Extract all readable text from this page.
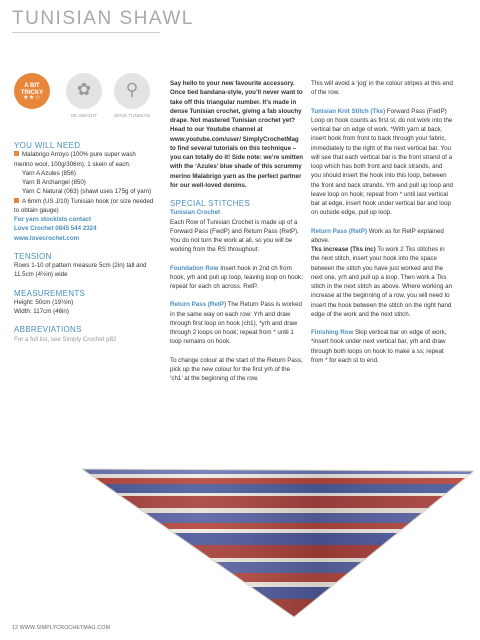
TUNISIAN SHAWL
A BIT
TRICKY
★★☆	✿
DK WEIGHT
⚲
WAVE TUNISIAN

YOU WILL NEED

Malabrigo Arroyo (100% pure super wash merino wool, 100g/306m), 1 skein of each:

Yarn A Azules (856)

Yarn B Archangel (850)

Yarn C Natural (063) (shawl uses 175g of yarn)

A 6mm (US J/10) Tunisian hook (or size needed to obtain gauge)

For yarn stockists contact

Love Crochet 0845 544 2324

www.lovecrochet.com

TENSION

Rows 1-10 of pattern measure 5cm (2in) tall and 11.5cm (4½in) wide

MEASUREMENTS

Height: 50cm (19½in)

Width: 117cm (46in)

ABBREVIATIONS

For a full list, see Simply Crochet p82

Say hello to your new favourite accessory. Once tied bandana-style, you’ll never want to take off this triangular number. It’s made in dense Tunisian crochet, giving a fab slouchy drape. Not mastered Tunisian crochet yet? Head to our Youtube channel at www.youtube.com/user/ SimplyCrochetMag to find several tutorials on this technique – you can totally do it! Side note: we’re smitten with the ‘Azules’ blue shade of this scrummy merino Malabrigo yarn as the perfect partner for our well-loved denims.

SPECIAL STITCHES

Tunisian Crochet

Each Row of Tunisian Crochet is made up of a Forward Pass (FwdP) and Return Pass (RetP). You do not turn the work at all, so you will be working from the RS throughout:

Foundation Row Insert hook in 2nd ch from hook, yrh and pull up loop, leaving loop on hook; repeat for each ch across. RetP.

Return Pass (RetP) The Return Pass is worked in the same way on each row: Yrh and draw through first loop on hook (ch1), *yrh and draw through 2 loops on hook; repeat from * until 1 loop remains on hook.

To change colour at the start of the Return Pass, pick up the new colour for the first yrh of the ‘ch1’ at the beginning of the row.

This will avoid a ‘jog’ in the colour stripes at this end of the row.

Tunisian Knit Stitch (Tks) Forward Pass (FwdP) Loop on hook counts as first st, do not work into the vertical bar on edge of work. *With yarn at back, insert hook from front to back through your fabric, immediately to the right of the next vertical bar. You will see that each vertical bar is the front strand of a loop which has both front and back strands, and you should insert the hook into this loop, between the front and back strands. Yrh and pull up loop and leave loop on hook; repeat from * until last vertical bar at edge, insert hook under vertical bar and loop on outside edge, pull up loop.

Return Pass (RetP) Work as for RetP explained above.

Tks increase (Tks inc) To work 2 Tks stitches in the next stitch, insert your hook into the space between the stitch you have just worked and the next one, yrh and pull up a loop. Then work a Tks stitch in the next stitch as above. Where working an increase at the beginning of a row, you will need to insert the hook between the stitch on the right hand edge of the work and the next stitch.

Finishing Row Skip vertical bar on edge of work, *insert hook under next vertical bar, yrh and draw through both loops on hook to make a ss; repeat from * for each st to end.

12 WWW.SIMPLYCROCHETMAG.COM
